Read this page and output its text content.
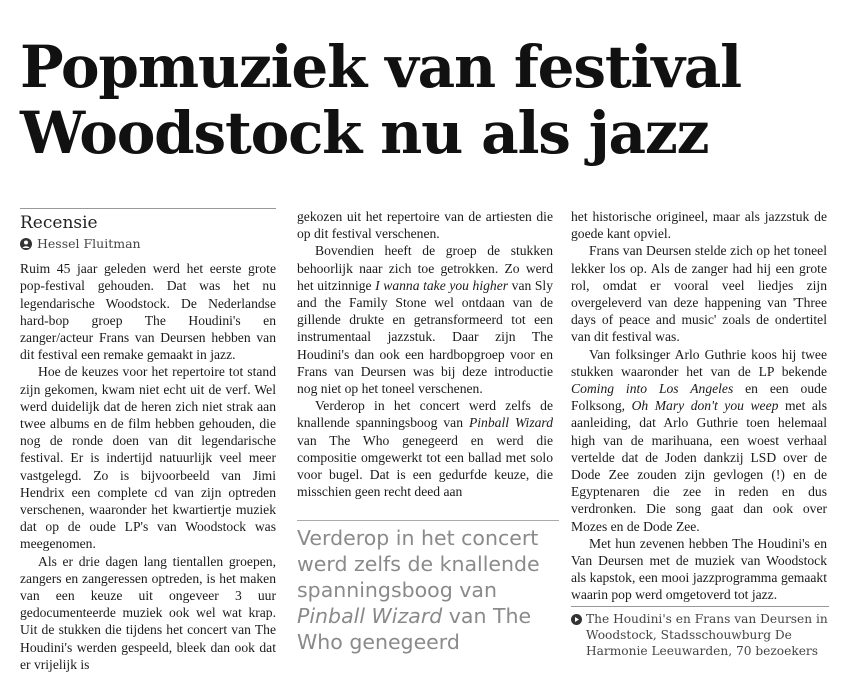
Popmuziek van festival
Woodstock nu als jazz
Recensie
Hessel Fluitman

Ruim 45 jaar geleden werd het eerste grote pop-festival gehouden. Dat was het nu legendarische Woodstock. De Nederlandse hard-bop groep The Houdini's en zanger/acteur Frans van Deursen hebben van dit festival een remake gemaakt in jazz.

Hoe de keuzes voor het repertoire tot stand zijn gekomen, kwam niet echt uit de verf. Wel werd duidelijk dat de heren zich niet strak aan twee albums en de film hebben gehouden, die nog de ronde doen van dit legendarische festival. Er is indertijd natuurlijk veel meer vastgelegd. Zo is bijvoorbeeld van Jimi Hendrix een complete cd van zijn optreden verschenen, waaronder het kwartiertje muziek dat op de oude LP's van Woodstock was meegenomen.

Als er drie dagen lang tientallen groepen, zangers en zangeressen optreden, is het maken van een keuze uit ongeveer 3 uur gedocumenteerde muziek ook wel wat krap. Uit de stukken die tijdens het concert van The Houdini's werden gespeeld, bleek dan ook dat er vrijelijk is

gekozen uit het repertoire van de artiesten die op dit festival verschenen.

Bovendien heeft de groep de stukken behoorlijk naar zich toe getrokken. Zo werd het uitzinnige I wanna take you higher van Sly and the Family Stone wel ontdaan van de gillende drukte en getransformeerd tot een instrumentaal jazzstuk. Daar zijn The Houdini's dan ook een hardbopgroep voor en Frans van Deursen was bij deze introductie nog niet op het toneel verschenen.

Verderop in het concert werd zelfs de knallende spanningsboog van Pinball Wizard van The Who genegeerd en werd die compositie omgewerkt tot een ballad met solo voor bugel. Dat is een gedurfde keuze, die misschien geen recht deed aan

Verderop in het concert werd zelfs de knallende spanningsboog van Pinball Wizard van The Who genegeerd

het historische origineel, maar als jazzstuk de goede kant opviel.

Frans van Deursen stelde zich op het toneel lekker los op. Als de zanger had hij een grote rol, omdat er vooral veel liedjes zijn overgeleverd van deze happening van 'Three days of peace and music' zoals de ondertitel van dit festival was.

Van folksinger Arlo Guthrie koos hij twee stukken waaronder het van de LP bekende Coming into Los Angeles en een oude Folksong, Oh Mary don't you weep met als aanleiding, dat Arlo Guthrie toen helemaal high van de marihuana, een woest verhaal vertelde dat de Joden dankzij LSD over de Dode Zee zouden zijn gevlogen (!) en de Egyptenaren die zee in reden en dus verdronken. Die song gaat dan ook over Mozes en de Dode Zee.

Met hun zevenen hebben The Houdini's en Van Deursen met de muziek van Woodstock als kapstok, een mooi jazzprogramma gemaakt waarin pop werd omgetoverd tot jazz.

The Houdini's en Frans van Deursen in Woodstock, Stadsschouwburg De Harmonie Leeuwarden, 70 bezoekers
